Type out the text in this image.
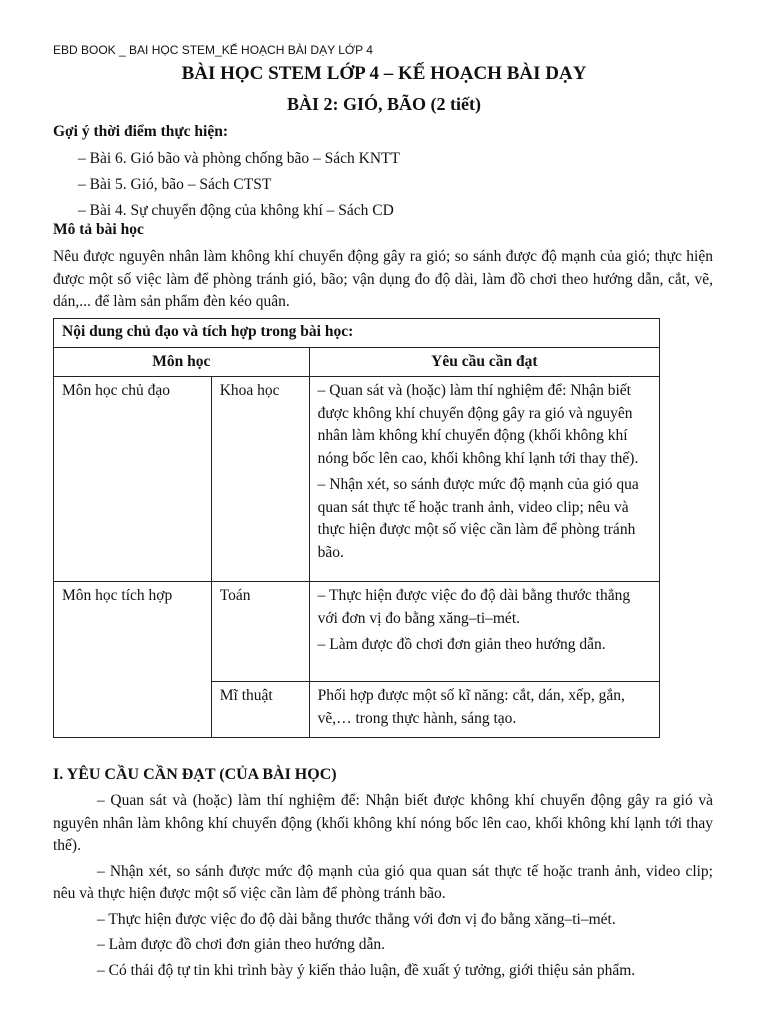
EBD BOOK _ BAI HỌC STEM_KẾ HOẠCH BÀI DẠY LỚP 4
BÀI HỌC STEM LỚP 4 – KẾ HOẠCH BÀI DẠY
BÀI 2: GIÓ, BÃO (2 tiết)
Gợi ý thời điểm thực hiện:
– Bài 6. Gió bão và phòng chống bão – Sách KNTT
– Bài 5. Gió, bão – Sách CTST
– Bài 4. Sự chuyển động của không khí – Sách CD
Mô tả bài học
Nêu được nguyên nhân làm không khí chuyển động gây ra gió; so sánh được độ mạnh của gió; thực hiện được một số việc làm để phòng tránh gió, bão; vận dụng đo độ dài, làm đồ chơi theo hướng dẫn, cắt, vẽ, dán,... để làm sản phẩm đèn kéo quân.
Nội dung chủ đạo và tích hợp trong bài học:		
Môn học		Yêu cầu cần đạt
Môn học chủ đạo	Khoa học	– Quan sát và (hoặc) làm thí nghiệm để: Nhận biết được không khí chuyển động gây ra gió và nguyên nhân làm không khí chuyển động (khối không khí nóng bốc lên cao, khối không khí lạnh tới thay thế).

– Nhận xét, so sánh được mức độ mạnh của gió qua quan sát thực tế hoặc tranh ảnh, video clip; nêu và thực hiện được một số việc cần làm để phòng tránh bão.

Môn học tích hợp	Toán	– Thực hiện được việc đo độ dài bằng thước thẳng với đơn vị đo bằng xăng–ti–mét.

– Làm được đồ chơi đơn giản theo hướng dẫn.

	Mĩ thuật	Phối hợp được một số kĩ năng: cắt, dán, xếp, gắn, vẽ,… trong thực hành, sáng tạo.

I. YÊU CẦU CẦN ĐẠT (CỦA BÀI HỌC)

– Quan sát và (hoặc) làm thí nghiệm để: Nhận biết được không khí chuyển động gây ra gió và nguyên nhân làm không khí chuyển động (khối không khí nóng bốc lên cao, khối không khí lạnh tới thay thế).

– Nhận xét, so sánh được mức độ mạnh của gió qua quan sát thực tế hoặc tranh ảnh, video clip; nêu và thực hiện được một số việc cần làm để phòng tránh bão.

– Thực hiện được việc đo độ dài bằng thước thẳng với đơn vị đo bằng xăng–ti–mét.

– Làm được đồ chơi đơn giản theo hướng dẫn.

– Có thái độ tự tin khi trình bày ý kiến thảo luận, đề xuất ý tưởng, giới thiệu sản phẩm.
